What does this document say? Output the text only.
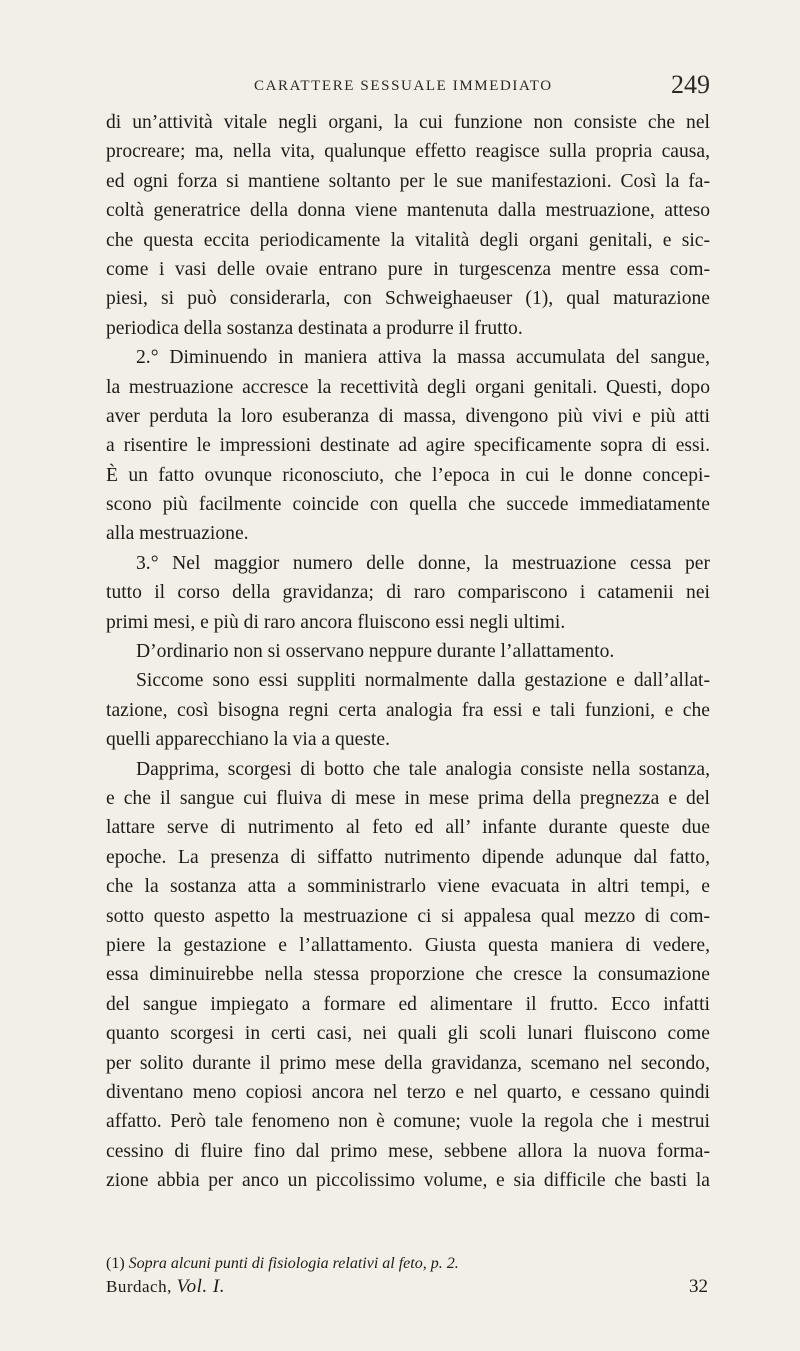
CARATTERE SESSUALE IMMEDIATO	249
di un’attività vitale negli organi, la cui funzione non consiste che nel
procreare; ma, nella vita, qualunque effetto reagisce sulla propria causa,
ed ogni forza si mantiene soltanto per le sue manifestazioni. Così la fa-
coltà generatrice della donna viene mantenuta dalla mestruazione, atteso
che questa eccita periodicamente la vitalità degli organi genitali, e sic-
come i vasi delle ovaie entrano pure in turgescenza mentre essa com-
piesi, si può considerarla, con Schweighaeuser (1), qual maturazione
periodica della sostanza destinata a produrre il frutto.
2.° Diminuendo in maniera attiva la massa accumulata del sangue,
la mestruazione accresce la recettività degli organi genitali. Questi, dopo
aver perduta la loro esuberanza di massa, divengono più vivi e più atti
a risentire le impressioni destinate ad agire specificamente sopra di essi.
È un fatto ovunque riconosciuto, che l’epoca in cui le donne concepi-
scono più facilmente coincide con quella che succede immediatamente
alla mestruazione.
3.° Nel maggior numero delle donne, la mestruazione cessa per
tutto il corso della gravidanza; di raro compariscono i catamenii nei
primi mesi, e più di raro ancora fluiscono essi negli ultimi.
D’ordinario non si osservano neppure durante l’allattamento.
Siccome sono essi suppliti normalmente dalla gestazione e dall’allat-
tazione, così bisogna regni certa analogia fra essi e tali funzioni, e che
quelli apparecchiano la via a queste.
Dapprima, scorgesi di botto che tale analogia consiste nella sostanza,
e che il sangue cui fluiva di mese in mese prima della pregnezza e del
lattare serve di nutrimento al feto ed all’ infante durante queste due
epoche. La presenza di siffatto nutrimento dipende adunque dal fatto,
che la sostanza atta a somministrarlo viene evacuata in altri tempi, e
sotto questo aspetto la mestruazione ci si appalesa qual mezzo di com-
piere la gestazione e l’allattamento. Giusta questa maniera di vedere,
essa diminuirebbe nella stessa proporzione che cresce la consumazione
del sangue impiegato a formare ed alimentare il frutto. Ecco infatti
quanto scorgesi in certi casi, nei quali gli scoli lunari fluiscono come
per solito durante il primo mese della gravidanza, scemano nel secondo,
diventano meno copiosi ancora nel terzo e nel quarto, e cessano quindi
affatto. Però tale fenomeno non è comune; vuole la regola che i mestrui
cessino di fluire fino dal primo mese, sebbene allora la nuova forma-
zione abbia per anco un piccolissimo volume, e sia difficile che basti la
(1) Sopra alcuni punti di fisiologia relativi al feto, p. 2.
Burdach, Vol. I.	32
